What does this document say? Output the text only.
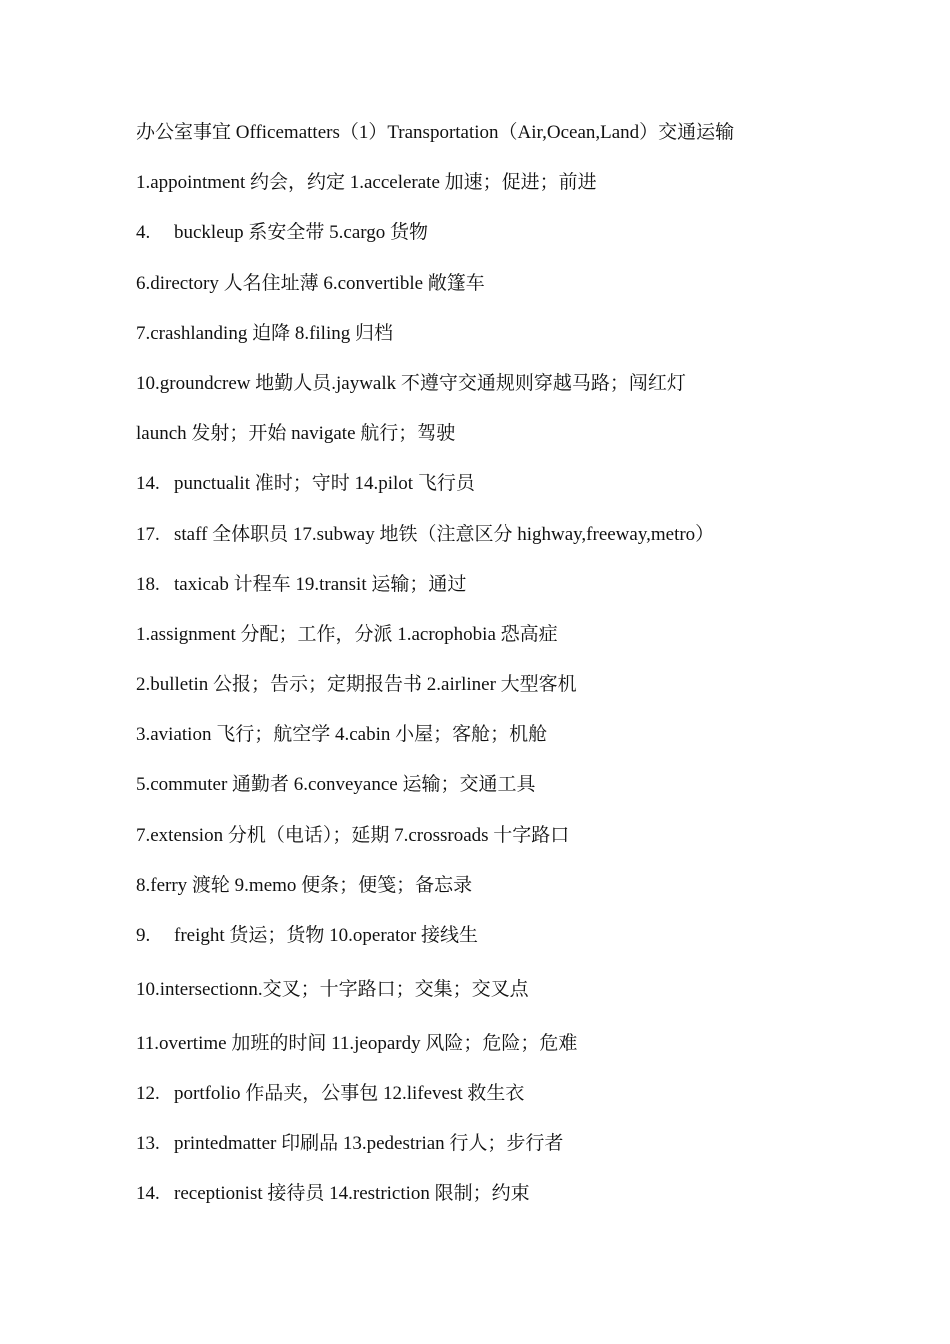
办公室事宜 Officematters（1）Transportation（Air,Ocean,Land）交通运输
1.appointment 约会，约定 1.accelerate 加速；促进；前进
4. buckleup 系安全带 5.cargo 货物
6.directory 人名住址薄 6.convertible 敞篷车
7.crashlanding 迫降 8.filing 归档
10.groundcrew 地勤人员.jaywalk 不遵守交通规则穿越马路；闯红灯
launch 发射；开始 navigate 航行；驾驶
14. punctualit 准时；守时 14.pilot 飞行员
17. staff 全体职员 17.subway 地铁（注意区分 highway,freeway,metro）
18. taxicab 计程车 19.transit 运输；通过
1.assignment 分配；工作，分派 1.acrophobia 恐高症
2.bulletin 公报；告示；定期报告书 2.airliner 大型客机
3.aviation 飞行；航空学 4.cabin 小屋；客舱；机舱
5.commuter 通勤者 6.conveyance 运输；交通工具
7.extension 分机（电话）；延期 7.crossroads 十字路口
8.ferry 渡轮 9.memo 便条；便笺；备忘录
9. freight 货运；货物 10.operator 接线生
10.intersectionn.交叉；十字路口；交集；交叉点
11.overtime 加班的时间 11.jeopardy 风险；危险；危难
12. portfolio 作品夹，公事包 12.lifevest 救生衣
13. printedmatter 印刷品 13.pedestrian 行人；步行者
14. receptionist 接待员 14.restriction 限制；约束
